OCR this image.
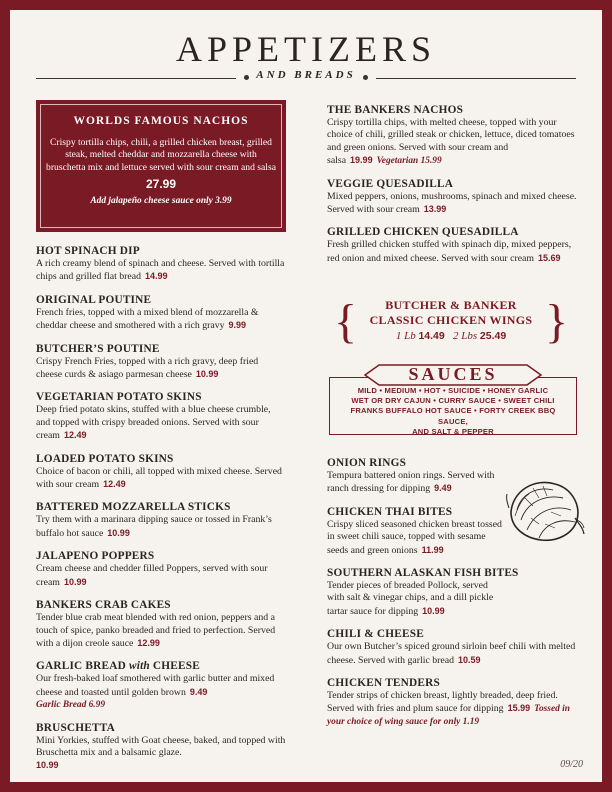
APPETIZERS
AND BREADS
WORLDS FAMOUS NACHOS
Crispy tortilla chips, chili, a grilled chicken breast, grilled steak, melted cheddar and mozzarella cheese with bruschetta mix and lettuce served with sour cream and salsa
27.99
Add jalapeño cheese sauce only 3.99
HOT SPINACH DIP
A rich creamy blend of spinach and cheese. Served with tortilla chips and grilled flat bread 14.99
ORIGINAL POUTINE
French fries, topped with a mixed blend of mozzarella & cheddar cheese and smothered with a rich gravy 9.99
BUTCHER’S POUTINE
Crispy French Fries, topped with a rich gravy, deep fried cheese curds & asiago parmesan cheese 10.99
VEGETARIAN POTATO SKINS
Deep fried potato skins, stuffed with a blue cheese crumble, and topped with crispy breaded onions. Served with sour cream 12.49
LOADED POTATO SKINS
Choice of bacon or chili, all topped with mixed cheese. Served with sour cream 12.49
BATTERED MOZZARELLA STICKS
Try them with a marinara dipping sauce or tossed in Frank’s buffalo hot sauce 10.99
JALAPENO POPPERS
Cream cheese and chedder filled Poppers, served with sour cream 10.99
BANKERS CRAB CAKES
Tender blue crab meat blended with red onion, peppers and a touch of spice, panko breaded and fried to perfection. Served with a dijon creole sauce 12.99
GARLIC BREAD with CHEESE
Our fresh-baked loaf smothered with garlic butter and mixed cheese and toasted until golden brown 9.49
Garlic Bread 6.99
BRUSCHETTA
Mini Yorkies, stuffed with Goat cheese, baked, and topped with Bruschetta mix and a balsamic glaze.
10.99
THE BANKERS NACHOS
Crispy tortilla chips, with melted cheese, topped with your choice of chili, grilled steak or chicken, lettuce, diced tomatoes and green onions. Served with sour cream and salsa 19.99 Vegetarian 15.99
VEGGIE QUESADILLA
Mixed peppers, onions, mushrooms, spinach and mixed cheese. Served with sour cream 13.99
GRILLED CHICKEN QUESADILLA
Fresh grilled chicken stuffed with spinach dip, mixed peppers, red onion and mixed cheese. Served with sour cream 15.69
{	}
BUTCHER & BANKER
CLASSIC CHICKEN WINGS
1 Lb 14.49 2 Lbs 25.49
MILD • MEDIUM • HOT • SUICIDE • HONEY GARLIC
WET OR DRY CAJUN • CURRY SAUCE • SWEET CHILI
FRANKS BUFFALO HOT SAUCE • FORTY CREEK BBQ SAUCE,
AND SALT & PEPPER
SAUCES
ONION RINGS
Tempura battered onion rings. Served with ranch dressing for dipping 9.49
CHICKEN THAI BITES
Crispy sliced seasoned chicken breast tossed in sweet chili sauce, topped with sesame seeds and green onions 11.99
SOUTHERN ALASKAN FISH BITES
Tender pieces of breaded Pollock, served with salt & vinegar chips, and a dill pickle tartar sauce for dipping 10.99
CHILI & CHEESE
Our own Butcher’s spiced ground sirloin beef chili with melted cheese. Served with garlic bread 10.59
CHICKEN TENDERS
Tender strips of chicken breast, lightly breaded, deep fried. Served with fries and plum sauce for dipping 15.99 Tossed in your choice of wing sauce for only 1.19
09/20
